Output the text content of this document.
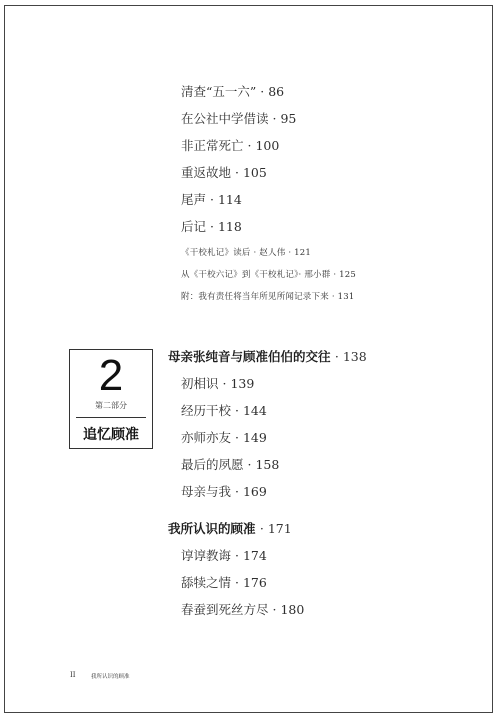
清查“五一六” · 86
在公社中学借读 · 95
非正常死亡 · 100
重返故地 · 105
尾声 · 114
后记 · 118
《干校札记》读后 · 赵人伟 · 121
从《干校六记》到《干校札记》· 邢小群 · 125
附：我有责任将当年所见所闻记录下来 · 131
2
第二部分
追忆顾准
母亲张纯音与顾准伯伯的交往 · 138
初相识 · 139
经历干校 · 144
亦师亦友 · 149
最后的夙愿 · 158
母亲与我 · 169
我所认识的顾准 · 171
谆谆教诲 · 174
舔犊之情 · 176
春蚕到死丝方尽 · 180
II	我所认识的顾准
